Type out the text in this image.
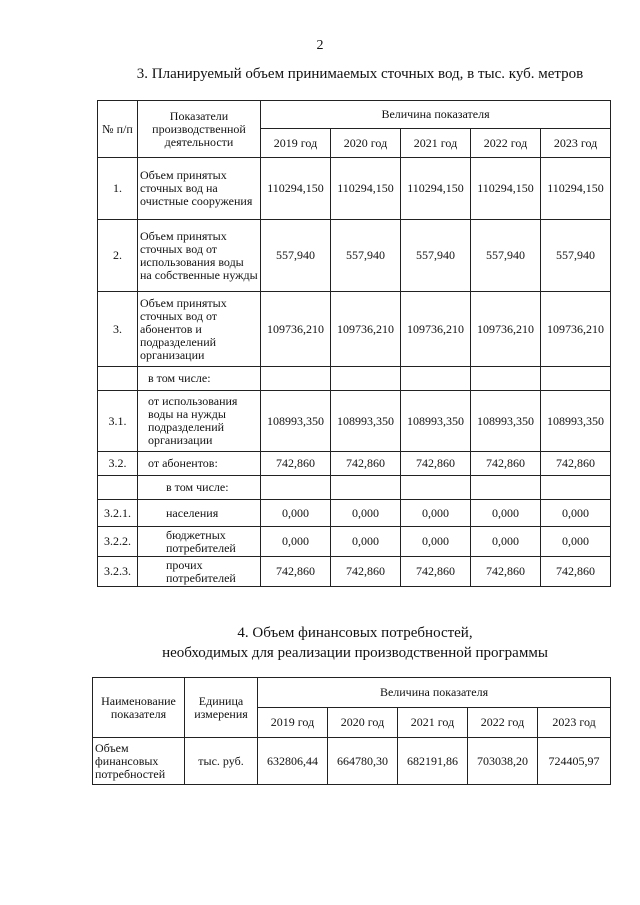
2
3. Планируемый объем принимаемых сточных вод, в тыс. куб. метров
№ п/п	Показатели производственной деятельности	Величина показателя				
		2019 год	2020 год	2021 год	2022 год	2023 год
1.	Объем принятых сточных вод на очистные сооружения	110294,150	110294,150	110294,150	110294,150	110294,150
2.	Объем принятых сточных вод от использования воды на собственные нужды	557,940	557,940	557,940	557,940	557,940
3.	Объем принятых сточных вод от абонентов и подразделений организации	109736,210	109736,210	109736,210	109736,210	109736,210
	в том числе:					
3.1.	от использования воды на нужды подразделений организации	108993,350	108993,350	108993,350	108993,350	108993,350
3.2.	от абонентов:	742,860	742,860	742,860	742,860	742,860
	в том числе:					
3.2.1.	населения	0,000	0,000	0,000	0,000	0,000
3.2.2.	бюджетных потребителей	0,000	0,000	0,000	0,000	0,000
3.2.3.	прочих потребителей	742,860	742,860	742,860	742,860	742,860
4. Объем финансовых потребностей,
необходимых для реализации производственной программы
Наименование показателя	Единица измерения	Величина показателя				
		2019 год	2020 год	2021 год	2022 год	2023 год
Объем финансовых потребностей	тыс. руб.	632806,44	664780,30	682191,86	703038,20	724405,97
